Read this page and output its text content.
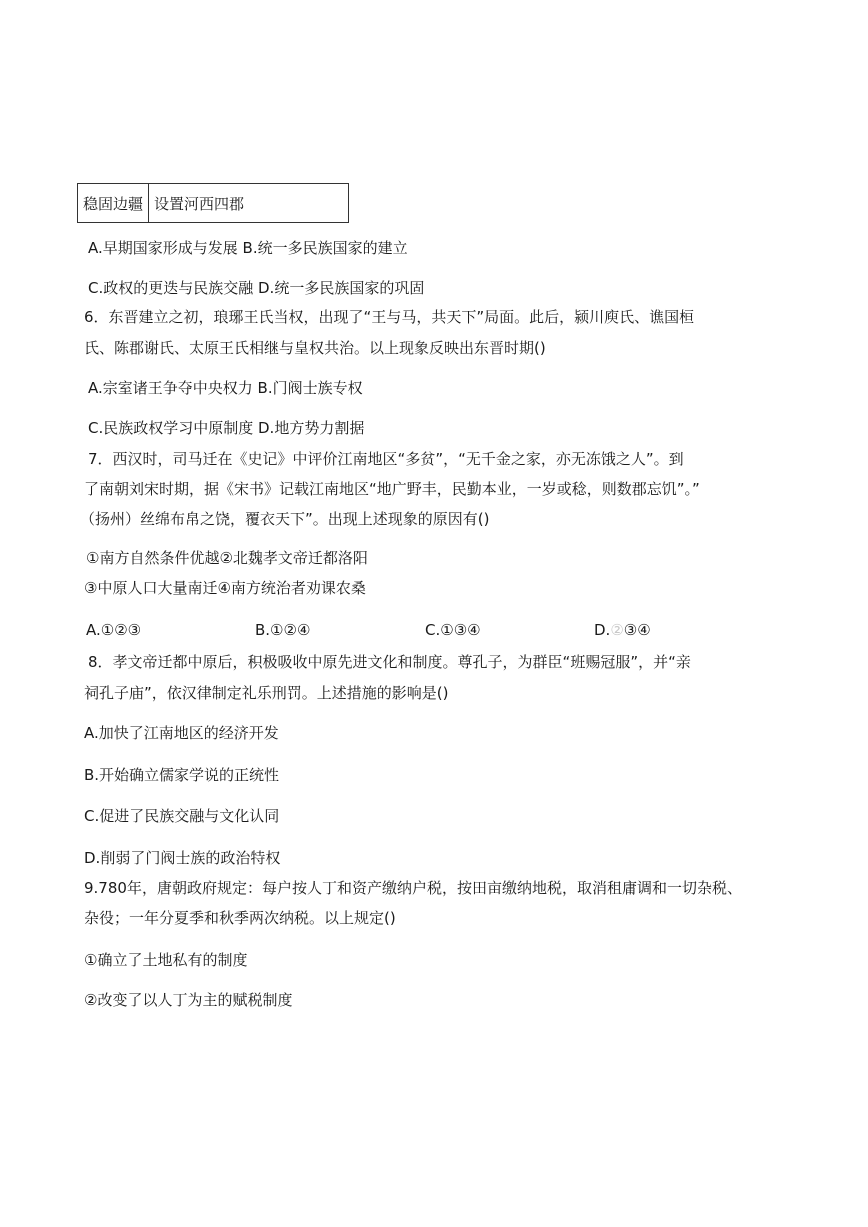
稳固边疆	设置河西四郡
A.早期国家形成与发展 B.统一多民族国家的建立
C.政权的更迭与民族交融 D.统一多民族国家的巩固
6．东晋建立之初，琅琊王氏当权，出现了“王与马，共天下”局面。此后，颍川庾氏、谯国桓
氏、陈郡谢氏、太原王氏相继与皇权共治。以上现象反映出东晋时期()
A.宗室诸王争夺中央权力 B.门阀士族专权
C.民族政权学习中原制度 D.地方势力割据
7．西汉时，司马迁在《史记》中评价江南地区“多贫”，“无千金之家，亦无冻饿之人”。到
了南朝刘宋时期，据《宋书》记载江南地区“地广野丰，民勤本业，一岁或稔，则数郡忘饥”。”
（扬州）丝绵布帛之饶，覆衣天下”。出现上述现象的原因有()
①南方自然条件优越②北魏孝文帝迁都洛阳
③中原人口大量南迁④南方统治者劝课农桑
A.①②③	B.①②④	C.①③④	D.②③④
8．孝文帝迁都中原后，积极吸收中原先进文化和制度。尊孔子，为群臣“班赐冠服”，并“亲
祠孔子庙”，依汉律制定礼乐刑罚。上述措施的影响是()
A.加快了江南地区的经济开发
B.开始确立儒家学说的正统性
C.促进了民族交融与文化认同
D.削弱了门阀士族的政治特权
9.780年，唐朝政府规定：每户按人丁和资产缴纳户税，按田亩缴纳地税，取消租庸调和一切杂税、
杂役；一年分夏季和秋季两次纳税。以上规定()
①确立了土地私有的制度
②改变了以人丁为主的赋税制度
